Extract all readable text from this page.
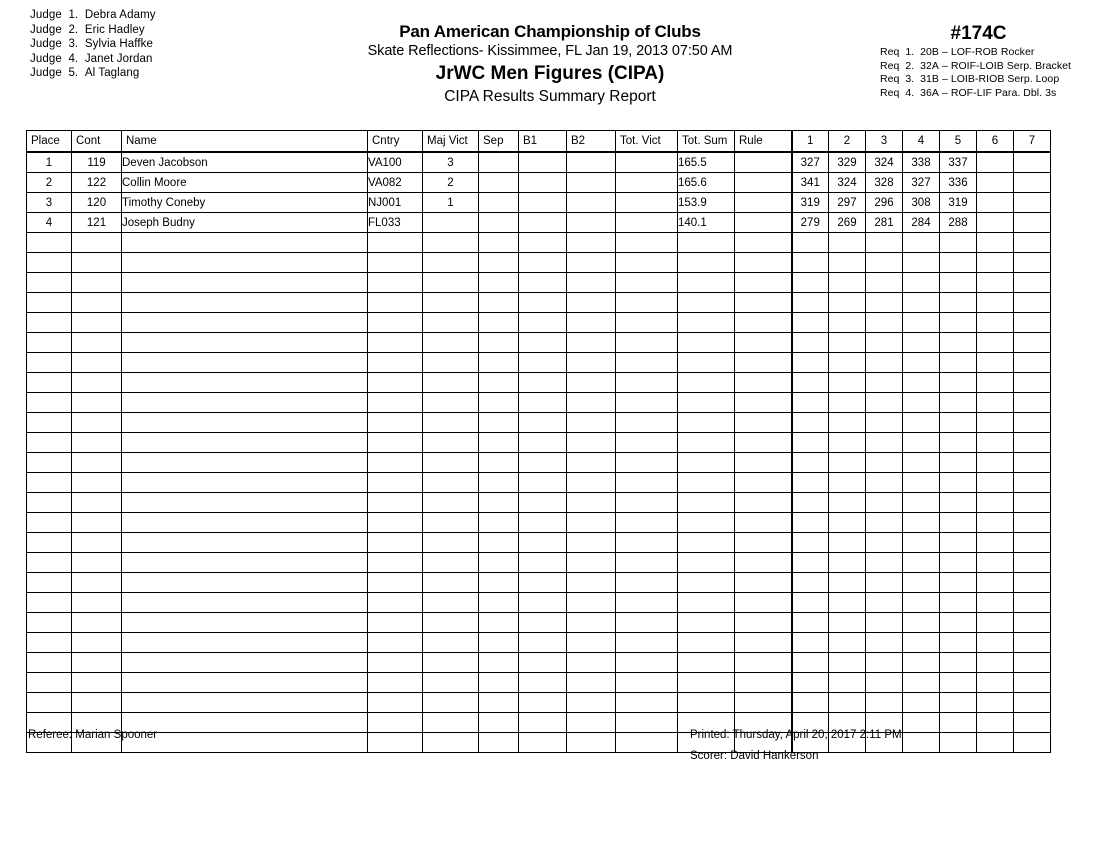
Judge 1. Debra Adamy
Judge 2. Eric Hadley
Judge 3. Sylvia Haffke
Judge 4. Janet Jordan
Judge 5. Al Taglang
Pan American Championship of Clubs
Skate Reflections- Kissimmee, FL Jan 19, 2013 07:50 AM
JrWC Men Figures (CIPA)
CIPA Results Summary Report
#174C
Req 1. 20B – LOF-ROB Rocker
Req 2. 32A – ROIF-LOIB Serp. Bracket
Req 3. 31B – LOIB-RIOB Serp. Loop
Req 4. 36A – ROF-LIF Para. Dbl. 3s
Place	Cont	Name	Cntry	Maj Vict	Sep	B1	B2	Tot. Vict	Tot. Sum	Rule	1	2	3	4	5	6	7
1	119	Deven Jacobson	VA100	3					165.5		327	329	324	338	337		
2	122	Collin Moore	VA082	2					165.6		341	324	328	327	336		
3	120	Timothy Coneby	NJ001	1					153.9		319	297	296	308	319		
4	121	Joseph Budny	FL033						140.1		279	269	281	284	288		

Referee: Marian Spooner	Printed: Thursday, April 20, 2017 2:11 PM
Scorer: David Hankerson
